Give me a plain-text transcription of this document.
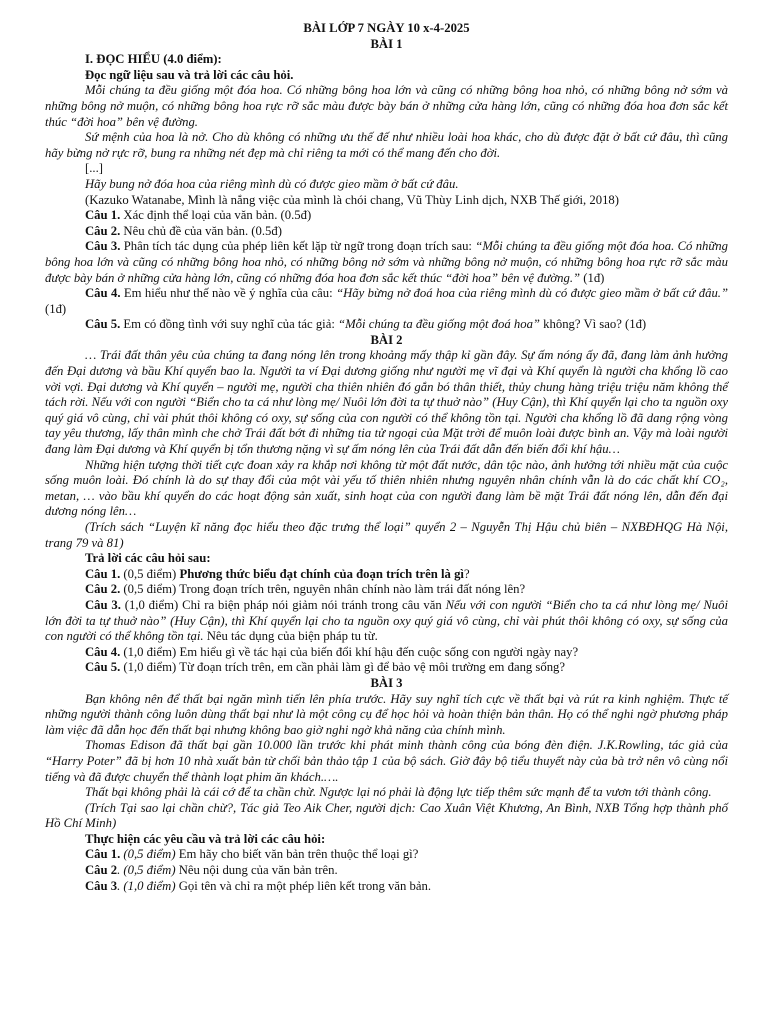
BÀI LỚP 7 NGÀY 10 x-4-2025

BÀI 1

I. ĐỌC HIỂU (4.0 điểm):

Đọc ngữ liệu sau và trả lời các câu hỏi.

Mỗi chúng ta đều giống một đóa hoa. Có những bông hoa lớn và cũng có những bông hoa nhỏ, có những bông nở sớm và những bông nở muộn, có những bông hoa rực rỡ sắc màu được bày bán ở những cửa hàng lớn, cũng có những đóa hoa đơn sắc kết thúc “đời hoa” bên vệ đường.

Sứ mệnh của hoa là nở. Cho dù không có những ưu thế đế như nhiều loài hoa khác, cho dù được đặt ở bất cứ đâu, thì cũng hãy bừng nở rực rỡ, bung ra những nét đẹp mà chỉ riêng ta mới có thể mang đến cho đời.

[...]

Hãy bung nở đóa hoa của riêng mình dù có được gieo mầm ở bất cứ đâu.

(Kazuko Watanabe, Mình là nắng việc của mình là chói chang, Vũ Thùy Linh dịch, NXB Thế giới, 2018)

Câu 1. Xác định thể loại của văn bản. (0.5đ)

Câu 2. Nêu chủ đề của văn bản. (0.5đ)

Câu 3. Phân tích tác dụng của phép liên kết lặp từ ngữ trong đoạn trích sau: “Mỗi chúng ta đều giống một đóa hoa. Có những bông hoa lớn và cũng có những bông hoa nhỏ, có những bông nở sớm và những bông nở muộn, có những bông hoa rực rỡ sắc màu được bày bán ở những cửa hàng lớn, cũng có những đóa hoa đơn sắc kết thúc “đời hoa” bên vệ đường.” (1đ)

Câu 4. Em hiểu như thế nào về ý nghĩa của câu: “Hãy bừng nở đoá hoa của riêng mình dù có được gieo mầm ở bất cứ đâu.” (1đ)

Câu 5. Em có đồng tình với suy nghĩ của tác giả: “Mỗi chúng ta đều giống một đoá hoa” không? Vì sao? (1đ)

BÀI 2

… Trái đất thân yêu của chúng ta đang nóng lên trong khoảng mấy thập kỉ gần đây. Sự ấm nóng ấy đã, đang làm ảnh hưởng đến Đại dương và bầu Khí quyển bao la. Người ta ví Đại dương giống như người mẹ vĩ đại và Khí quyển là người cha khổng lồ cao vời vợi. Đại dương và Khí quyển – người mẹ, người cha thiên nhiên đó gắn bó thân thiết, thủy chung hàng triệu triệu năm không thể tách rời. Nếu với con người “Biển cho ta cá như lòng mẹ/ Nuôi lớn đời ta tự thuở nào” (Huy Cận), thì Khí quyển lại cho ta nguồn oxy quý giá vô cùng, chỉ vài phút thôi không có oxy, sự sống của con người có thể không tồn tại. Người cha khổng lồ đã dang rộng vòng tay yêu thương, lấy thân mình che chở Trái đất bớt đi những tia tử ngoại của Mặt trời để muôn loài được bình an. Vậy mà loài người đang làm Đại dương và Khí quyển bị tổn thương nặng vì sự ấm nóng lên của Trái đất dẫn đến biến đổi khí hậu…

Những hiện tượng thời tiết cực đoan xảy ra khắp nơi không từ một đất nước, dân tộc nào, ảnh hưởng tới nhiều mặt của cuộc sống muôn loài. Đó chính là do sự thay đổi của một vài yếu tố thiên nhiên nhưng nguyên nhân chính vẫn là do các chất khí CO₂, metan, … vào bầu khí quyển do các hoạt động sản xuất, sinh hoạt của con người đang làm bề mặt Trái đất nóng lên, dẫn đến đại dương nóng lên…

(Trích sách “Luyện kĩ năng đọc hiểu theo đặc trưng thể loại” quyển 2 – Nguyễn Thị Hậu chủ biên – NXBĐHQG Hà Nội, trang 79 và 81)

Trả lời các câu hỏi sau:

Câu 1. (0,5 điểm) Phương thức biểu đạt chính của đoạn trích trên là gì?

Câu 2. (0,5 điểm) Trong đoạn trích trên, nguyên nhân chính nào làm trái đất nóng lên?

Câu 3. (1,0 điểm) Chỉ ra biện pháp nói giảm nói tránh trong câu văn Nếu với con người “Biển cho ta cá như lòng mẹ/ Nuôi lớn đời ta tự thuở nào” (Huy Cận), thì Khí quyển lại cho ta nguồn oxy quý giá vô cùng, chỉ vài phút thôi không có oxy, sự sống của con người có thể không tồn tại. Nêu tác dụng của biện pháp tu từ.

Câu 4. (1,0 điểm) Em hiểu gì về tác hại của biến đổi khí hậu đến cuộc sống con người ngày nay?

Câu 5. (1,0 điểm) Từ đoạn trích trên, em cần phải làm gì để bảo vệ môi trường em đang sống?

BÀI 3

Bạn không nên để thất bại ngăn mình tiến lên phía trước. Hãy suy nghĩ tích cực về thất bại và rút ra kinh nghiệm. Thực tế những người thành công luôn dùng thất bại như là một công cụ để học hỏi và hoàn thiện bản thân. Họ có thể nghi ngờ phương pháp làm việc đã dẫn học đến thất bại nhưng không bao giờ nghi ngờ khả năng của chính mình.

Thomas Edison đã thất bại gần 10.000 lần trước khi phát minh thành công của bóng đèn điện. J.K.Rowling, tác giả của “Harry Poter” đã bị hơn 10 nhà xuất bản từ chối bản thảo tập 1 của bộ sách. Giờ đây bộ tiểu thuyết này của bà trở nên vô cùng nổi tiếng và đã được chuyển thể thành loạt phim ăn khách.….

Thất bại không phải là cái cớ để ta chần chừ. Ngược lại nó phải là động lực tiếp thêm sức mạnh để ta vươn tới thành công.

(Trích Tại sao lại chần chừ?, Tác giả Teo Aik Cher, người dịch: Cao Xuân Việt Khương, An Bình, NXB Tổng hợp thành phố Hồ Chí Minh)

Thực hiện các yêu cầu và trả lời các câu hỏi:

Câu 1. (0,5 điểm) Em hãy cho biết văn bản trên thuộc thể loại gì?

Câu 2. (0,5 điểm) Nêu nội dung của văn bản trên.

Câu 3. (1,0 điểm) Gọi tên và chỉ ra một phép liên kết trong văn bản.
